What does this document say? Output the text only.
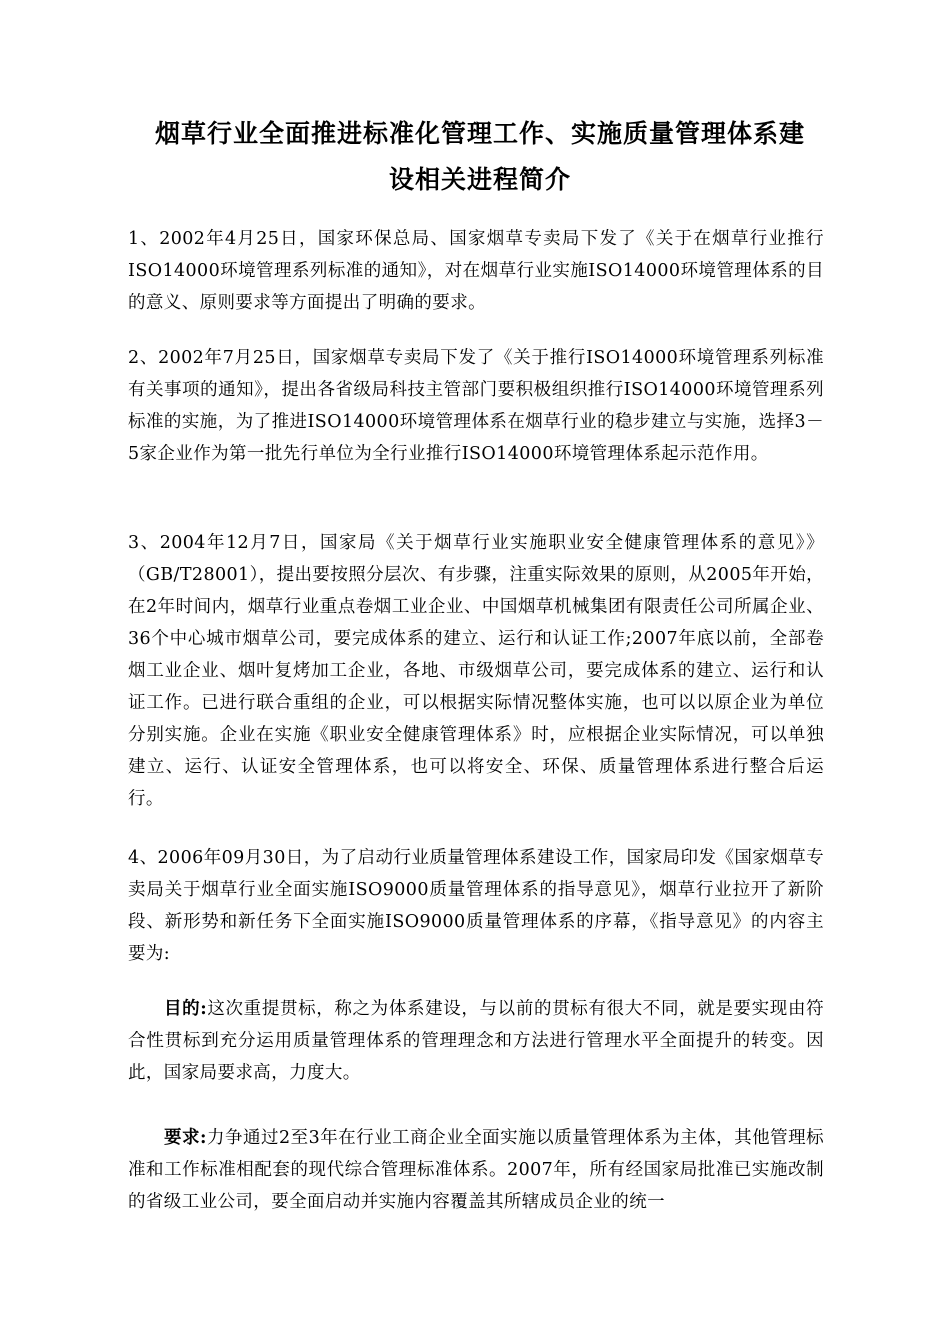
烟草行业全面推进标准化管理工作、实施质量管理体系建
设相关进程简介

1、2002年4月25日，国家环保总局、国家烟草专卖局下发了《关于在烟草行业推行ISO14000环境管理系列标准的通知》，对在烟草行业实施ISO14000环境管理体系的目的意义、原则要求等方面提出了明确的要求。

2、2002年7月25日，国家烟草专卖局下发了《关于推行ISO14000环境管理系列标准有关事项的通知》，提出各省级局科技主管部门要积极组织推行ISO14000环境管理系列标准的实施，为了推进ISO14000环境管理体系在烟草行业的稳步建立与实施，选择3－5家企业作为第一批先行单位为全行业推行ISO14000环境管理体系起示范作用。

3、2004年12月7日，国家局《关于烟草行业实施职业安全健康管理体系的意见》》（GB/T28001），提出要按照分层次、有步骤，注重实际效果的原则，从2005年开始，在2年时间内，烟草行业重点卷烟工业企业、中国烟草机械集团有限责任公司所属企业、36个中心城市烟草公司，要完成体系的建立、运行和认证工作;2007年底以前，全部卷烟工业企业、烟叶复烤加工企业，各地、市级烟草公司，要完成体系的建立、运行和认证工作。已进行联合重组的企业，可以根据实际情况整体实施，也可以以原企业为单位分别实施。企业在实施《职业安全健康管理体系》时，应根据企业实际情况，可以单独建立、运行、认证安全管理体系，也可以将安全、环保、质量管理体系进行整合后运行。

4、2006年09月30日，为了启动行业质量管理体系建设工作，国家局印发《国家烟草专卖局关于烟草行业全面实施ISO9000质量管理体系的指导意见》，烟草行业拉开了新阶段、新形势和新任务下全面实施ISO9000质量管理体系的序幕，《指导意见》的内容主要为:

目的:这次重提贯标，称之为体系建设，与以前的贯标有很大不同，就是要实现由符合性贯标到充分运用质量管理体系的管理理念和方法进行管理水平全面提升的转变。因此，国家局要求高，力度大。

要求:力争通过2至3年在行业工商企业全面实施以质量管理体系为主体，其他管理标准和工作标准相配套的现代综合管理标准体系。2007年，所有经国家局批准已实施改制的省级工业公司，要全面启动并实施内容覆盖其所辖成员企业的统一
